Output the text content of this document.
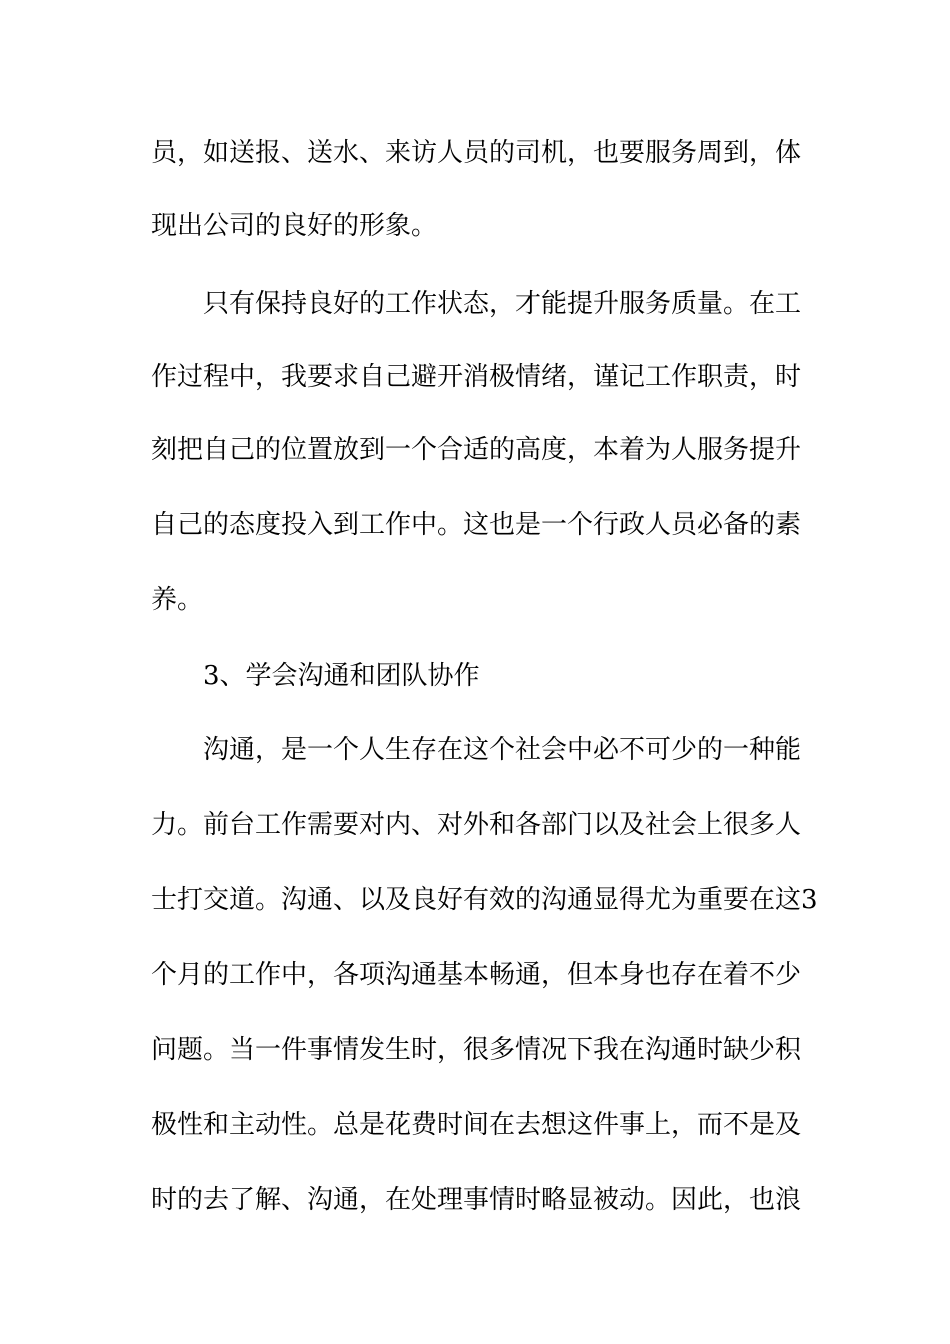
员，如送报、送水、来访人员的司机，也要服务周到，体
现出公司的良好的形象。
只有保持良好的工作状态，才能提升服务质量。在工
作过程中，我要求自己避开消极情绪，谨记工作职责，时
刻把自己的位置放到一个合适的高度，本着为人服务提升
自己的态度投入到工作中。这也是一个行政人员必备的素
养。
3、学会沟通和团队协作
沟通，是一个人生存在这个社会中必不可少的一种能
力。前台工作需要对内、对外和各部门以及社会上很多人
士打交道。沟通、以及良好有效的沟通显得尤为重要在这3
个月的工作中，各项沟通基本畅通，但本身也存在着不少
问题。当一件事情发生时，很多情况下我在沟通时缺少积
极性和主动性。总是花费时间在去想这件事上，而不是及
时的去了解、沟通，在处理事情时略显被动。因此，也浪
